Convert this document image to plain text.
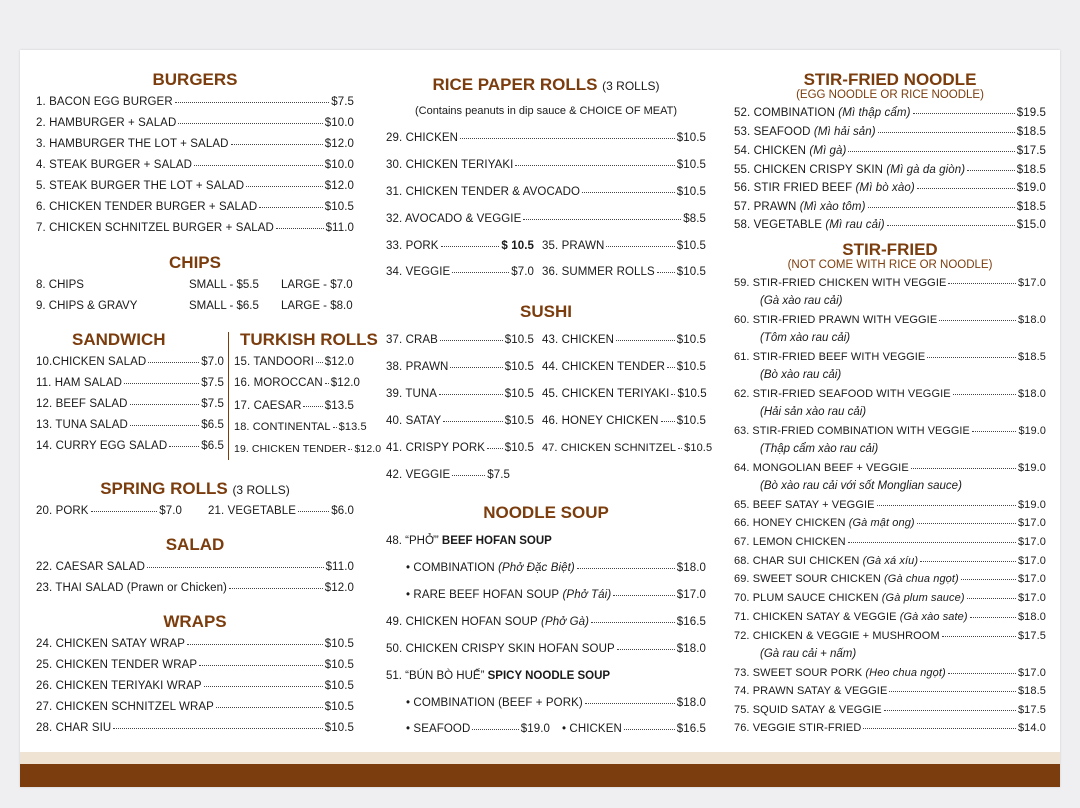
BURGERS
1. BACON EGG BURGER	$7.5
2. HAMBURGER + SALAD	$10.0
3. HAMBURGER THE LOT + SALAD	$12.0
4. STEAK BURGER + SALAD	$10.0
5. STEAK BURGER THE LOT + SALAD	$12.0
6. CHICKEN TENDER BURGER + SALAD	$10.5
7. CHICKEN SCHNITZEL BURGER + SALAD	$11.0
CHIPS
8. CHIPS	SMALL - $5.5 LARGE - $7.0
9. CHIPS & GRAVY	SMALL - $6.5 LARGE - $8.0
SANDWICH	TURKISH ROLLS
10.CHICKEN SALAD	$7.0
11. HAM SALAD	$7.5
12. BEEF SALAD	$7.5
13. TUNA SALAD	$6.5
14. CURRY EGG SALAD	$6.5
15. TANDOORI $12.0
16. MOROCCAN $12.0
17. CAESAR $13.5
18. CONTINENTAL $13.5
19. CHICKEN TENDER $12.0
SPRING ROLLS (3 ROLLS)
20. PORK	$7.0 21. VEGETABLE	$6.0
SALAD
22. CAESAR SALAD	$11.0
23. THAI SALAD (Prawn or Chicken)	$12.0
WRAPS
24. CHICKEN SATAY WRAP	$10.5
25. CHICKEN TENDER WRAP	$10.5
26. CHICKEN TERIYAKI WRAP	$10.5
27. CHICKEN SCHNITZEL WRAP	$10.5
28. CHAR SIU	$10.5
RICE PAPER ROLLS (3 ROLLS)
(Contains peanuts in dip sauce & CHOICE OF MEAT)
29. CHICKEN	$10.5
30. CHICKEN TERIYAKI	$10.5
31. CHICKEN TENDER & AVOCADO	$10.5
32. AVOCADO & VEGGIE	$8.5
33. PORK	$ 10.5 35. PRAWN	$10.5
34. VEGGIE	$7.0 36. SUMMER ROLLS $10.5
SUSHI
37. CRAB	$10.5 43. CHICKEN	$10.5
38. PRAWN	$10.5 44. CHICKEN TENDER $10.5
39. TUNA	$10.5 45. CHICKEN TERIYAKI $10.5
40. SATAY	$10.5 46. HONEY CHICKEN $10.5
41. CRISPY PORK $10.5 47. CHICKEN SCHNITZEL $10.5
42. VEGGIE	$7.5
NOODLE SOUP
48. “PHỞ” BEEF HOFAN SOUP
• COMBINATION
(Phở Đặc Biệt)	$18.0
• RARE BEEF HOFAN SOUP
(Phở Tái)	$17.0
49. CHICKEN HOFAN SOUP
(Phở Gà)	$16.5
50. CHICKEN CRISPY SKIN HOFAN SOUP	$18.0
51. “BÚN BÒ HUẾ” SPICY NOODLE SOUP
• COMBINATION (BEEF + PORK)	$18.0
• SEAFOOD	$19.0 • CHICKEN	$16.5
STIR-FRIED NOODLE
(EGG NOODLE OR RICE NOODLE)
52. COMBINATION
(Mì thập cẩm)	$19.5
53. SEAFOOD
(Mì hải sản)	$18.5
54. CHICKEN
(Mì gà)	$17.5
55. CHICKEN CRISPY SKIN
(Mì gà da giòn)	$18.5
56. STIR FRIED BEEF
(Mì bò xào)	$19.0
57. PRAWN
(Mì xào tôm)	$18.5
58. VEGETABLE
(Mì rau cải)	$15.0
STIR-FRIED
(NOT COME WITH RICE OR NOODLE)
59. STIR-FRIED CHICKEN WITH VEGGIE	$17.0
(Gà xào rau cải)
60. STIR-FRIED PRAWN WITH VEGGIE	$18.0
(Tôm xào rau cải)
61. STIR-FRIED BEEF WITH VEGGIE	$18.5
(Bò xào rau cải)
62. STIR-FRIED SEAFOOD WITH VEGGIE	$18.0
(Hải sản xào rau cải)
63. STIR-FRIED COMBINATION WITH VEGGIE	$19.0
(Thập cẩm xào rau cải)
64. MONGOLIAN BEEF + VEGGIE	$19.0
(Bò xào rau cải với sốt Monglian sauce)
65. BEEF SATAY + VEGGIE	$19.0
66. HONEY CHICKEN
(Gà mật ong)	$17.0
67. LEMON CHICKEN	$17.0
68. CHAR SUI CHICKEN
(Gà xá xíu)	$17.0
69. SWEET SOUR CHICKEN
(Gà chua ngọt)	$17.0
70. PLUM SAUCE CHICKEN
(Gà plum sauce)	$17.0
71. CHICKEN SATAY & VEGGIE
(Gà xào sate)	$18.0
72. CHICKEN & VEGGIE + MUSHROOM	$17.5
(Gà rau cải + nấm)
73. SWEET SOUR PORK
(Heo chua ngọt)	$17.0
74. PRAWN SATAY & VEGGIE	$18.5
75. SQUID SATAY & VEGGIE	$17.5
76. VEGGIE STIR-FRIED	$14.0
